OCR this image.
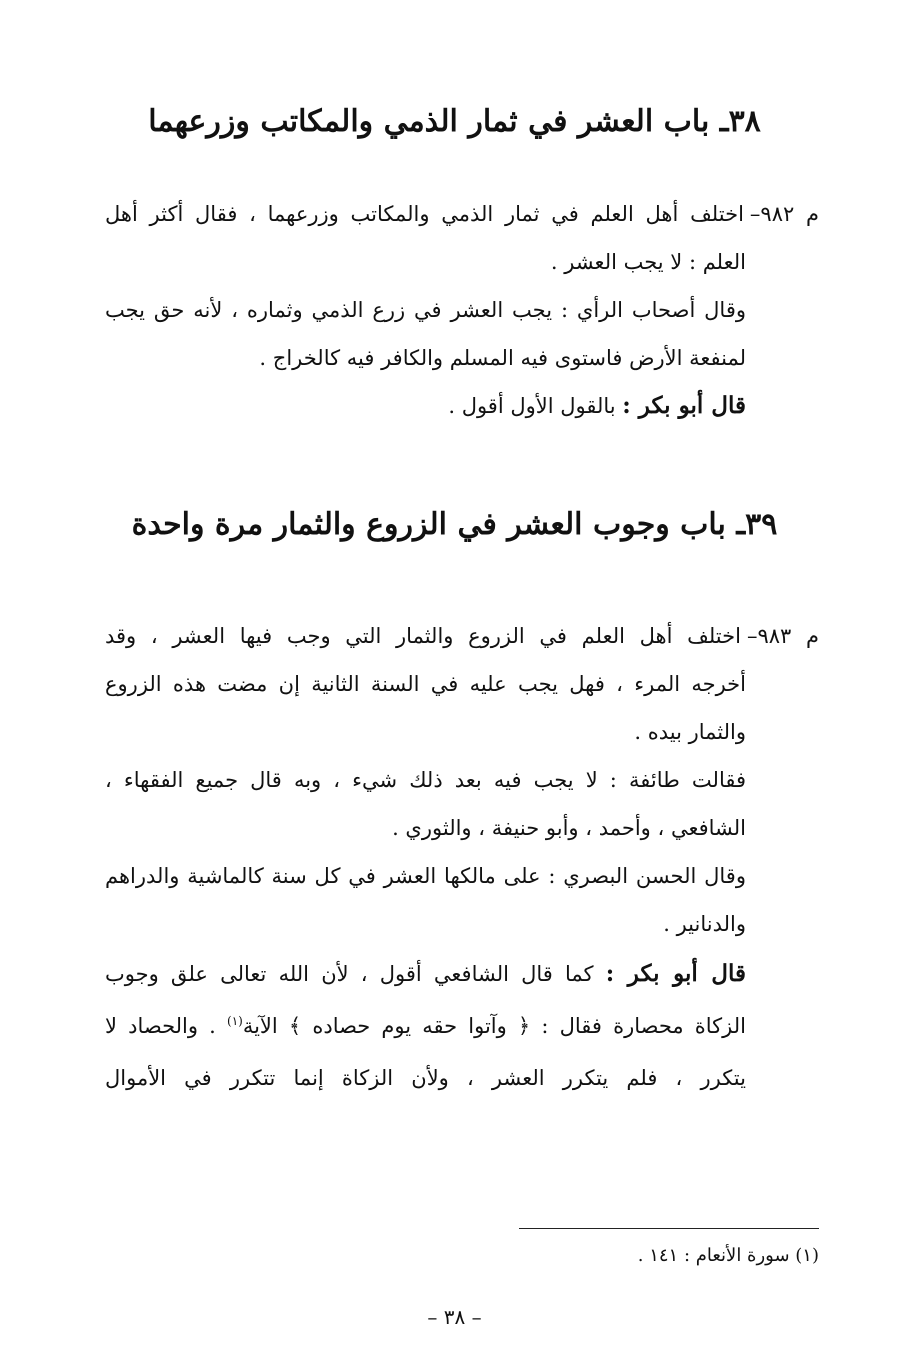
٣٨ـ باب العشر في ثمار الذمي والمكاتب وزرعهما
م ٩٨٢–اختلف أهل العلم في ثمار الذمي والمكاتب وزرعهما ، فقال أكثر أهل
العلم : لا يجب العشر .
وقال أصحاب الرأي : يجب العشر في زرع الذمي وثماره ، لأنه حق يجب
لمنفعة الأرض فاستوى فيه المسلم والكافر فيه كالخراج .
قال أبو بكر : بالقول الأول أقول .
٣٩ـ باب وجوب العشر في الزروع والثمار مرة واحدة
م ٩٨٣–اختلف أهل العلم في الزروع والثمار التي وجب فيها العشر ، وقد
أخرجه المرء ، فهل يجب عليه في السنة الثانية إن مضت هذه الزروع
والثمار بيده .
فقالت طائفة : لا يجب فيه بعد ذلك شيء ، وبه قال جميع الفقهاء ،
الشافعي ، وأحمد ، وأبو حنيفة ، والثوري .
وقال الحسن البصري : على مالكها العشر في كل سنة كالماشية والدراهم
والدنانير .
قال أبو بكر : كما قال الشافعي أقول ، لأن الله تعالى علق وجوب
الزكاة محصارة فقال : ﴿ وآتوا حقه يوم حصاده ﴾ الآية$^{(١)}$ . والحصاد لا
يتكرر ، فلم يتكرر العشر ، ولأن الزكاة إنما تتكرر في الأموال
(١) سورة الأنعام : ١٤١ .
– ٣٨ –
